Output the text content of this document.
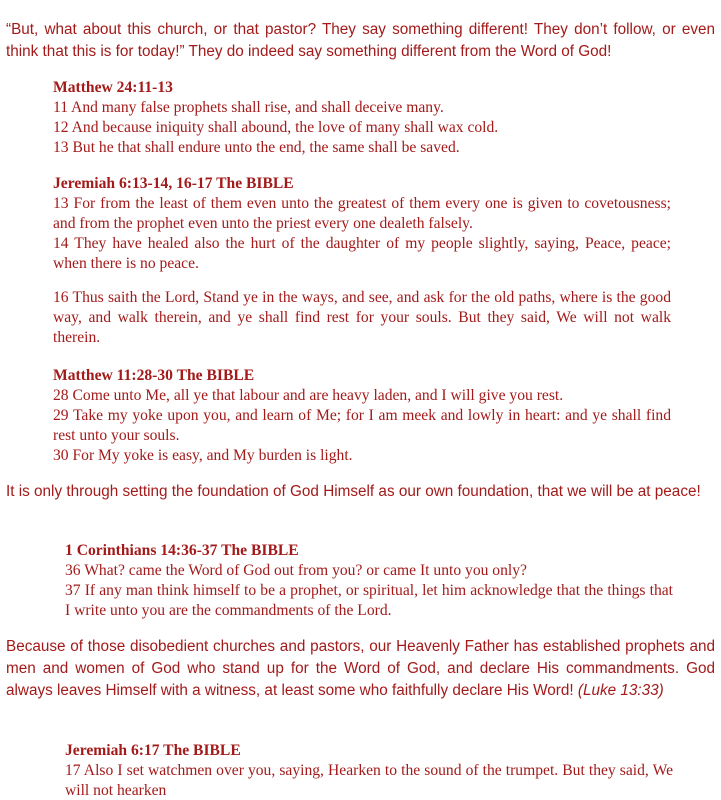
“But, what about this church, or that pastor? They say something different! They don’t follow, or even think that this is for today!” They do indeed say something different from the Word of God!

Matthew 24:11-13

11 And many false prophets shall rise, and shall deceive many.

12 And because iniquity shall abound, the love of many shall wax cold.

13 But he that shall endure unto the end, the same shall be saved.

Jeremiah 6:13-14, 16-17 The BIBLE

13 For from the least of them even unto the greatest of them every one is given to covetousness; and from the prophet even unto the priest every one dealeth falsely.

14 They have healed also the hurt of the daughter of my people slightly, saying, Peace, peace; when there is no peace.

16 Thus saith the Lord, Stand ye in the ways, and see, and ask for the old paths, where is the good way, and walk therein, and ye shall find rest for your souls. But they said, We will not walk therein.

Matthew 11:28-30 The BIBLE

28 Come unto Me, all ye that labour and are heavy laden, and I will give you rest.

29 Take my yoke upon you, and learn of Me; for I am meek and lowly in heart: and ye shall find rest unto your souls.

30 For My yoke is easy, and My burden is light.

It is only through setting the foundation of God Himself as our own foundation, that we will be at peace!

1 Corinthians 14:36-37 The BIBLE

36 What? came the Word of God out from you? or came It unto you only?

37 If any man think himself to be a prophet, or spiritual, let him acknowledge that the things that I write unto you are the commandments of the Lord.

Because of those disobedient churches and pastors, our Heavenly Father has established prophets and men and women of God who stand up for the Word of God, and declare His commandments. God always leaves Himself with a witness, at least some who faithfully declare His Word! (Luke 13:33)

Jeremiah 6:17 The BIBLE

17 Also I set watchmen over you, saying, Hearken to the sound of the trumpet. But they said, We will not hearken
